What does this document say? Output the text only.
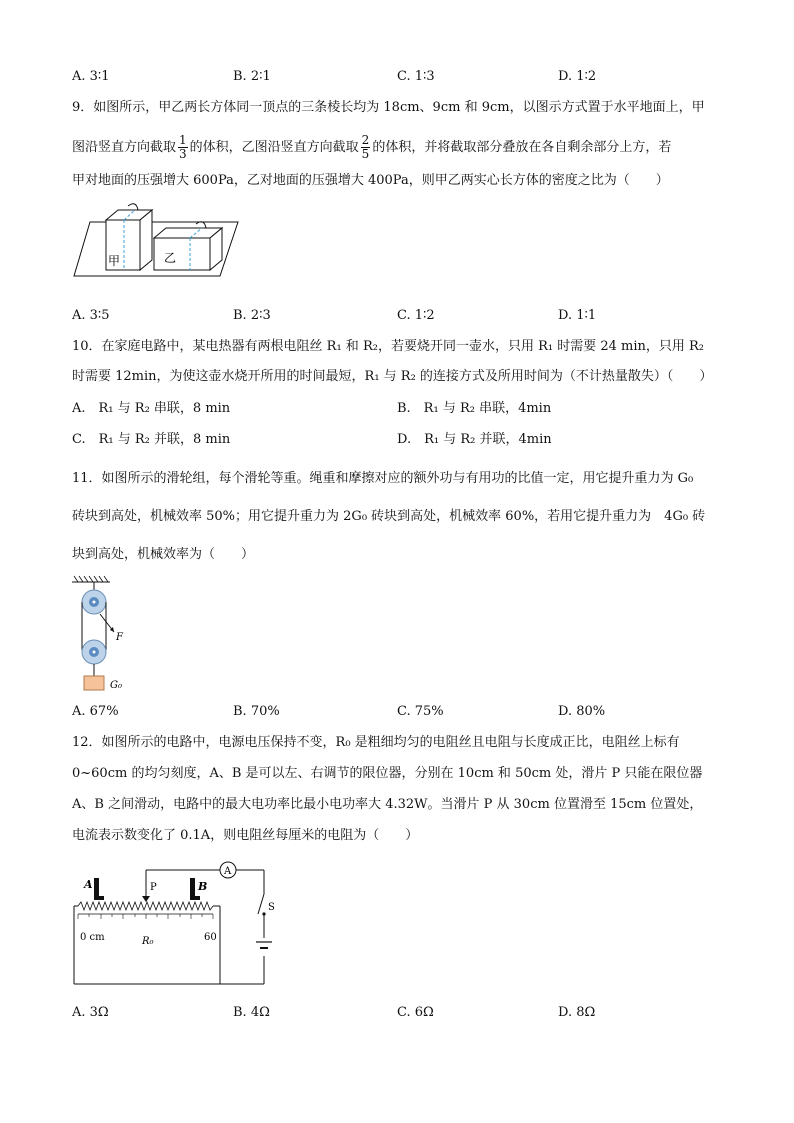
A. 3∶1	B. 2∶1	C. 1∶3	D. 1∶2
9．如图所示，甲乙两长方体同一顶点的三条棱长均为 18cm、9cm 和 9cm，以图示方式置于水平地面上，甲
图沿竖直方向截取 $\frac{1}{3}$ 的体积，乙图沿竖直方向截取 $\frac{2}{5}$ 的体积，并将截取部分叠放在各自剩余部分上方，若
甲对地面的压强增大 600Pa，乙对地面的压强增大 400Pa，则甲乙两实心长方体的密度之比为（　　）
甲	乙
A. 3∶5	B. 2∶3	C. 1∶2	D. 1∶1
10．在家庭电路中，某电热器有两根电阻丝 R₁ 和 R₂，若要烧开同一壶水，只用 R₁ 时需要 24 min，只用 R₂
时需要 12min，为使这壶水烧开所用的时间最短，R₁ 与 R₂ 的连接方式及所用时间为（不计热量散失）（　　）
A.　R₁ 与 R₂ 串联，8 min	B.　R₁ 与 R₂ 串联，4min
C.　R₁ 与 R₂ 并联，8 min	D.　R₁ 与 R₂ 并联，4min
11．如图所示的滑轮组，每个滑轮等重。绳重和摩擦对应的额外功与有用功的比值一定，用它提升重力为 G₀
砖块到高处，机械效率 50%；用它提升重力为 2G₀ 砖块到高处，机械效率 60%，若用它提升重力为　4G₀ 砖
块到高处，机械效率为（　　）
F
G₀
A. 67%	B. 70%	C. 75%	D. 80%
12．如图所示的电路中，电源电压保持不变，R₀ 是粗细均匀的电阻丝且电阻与长度成正比，电阻丝上标有
0~60cm 的均匀刻度，A、B 是可以左、右调节的限位器，分别在 10cm 和 50cm 处，滑片 P 只能在限位器
A、B 之间滑动，电路中的最大电功率比最小电功率大 4.32W。当滑片 P 从 30cm 位置滑至 15cm 位置处，
电流表示数变化了 0.1A，则电阻丝每厘米的电阻为（　　）
S
A
P
0 cm	60
R₀
A	B
A. 3Ω	B. 4Ω	C. 6Ω	D. 8Ω
